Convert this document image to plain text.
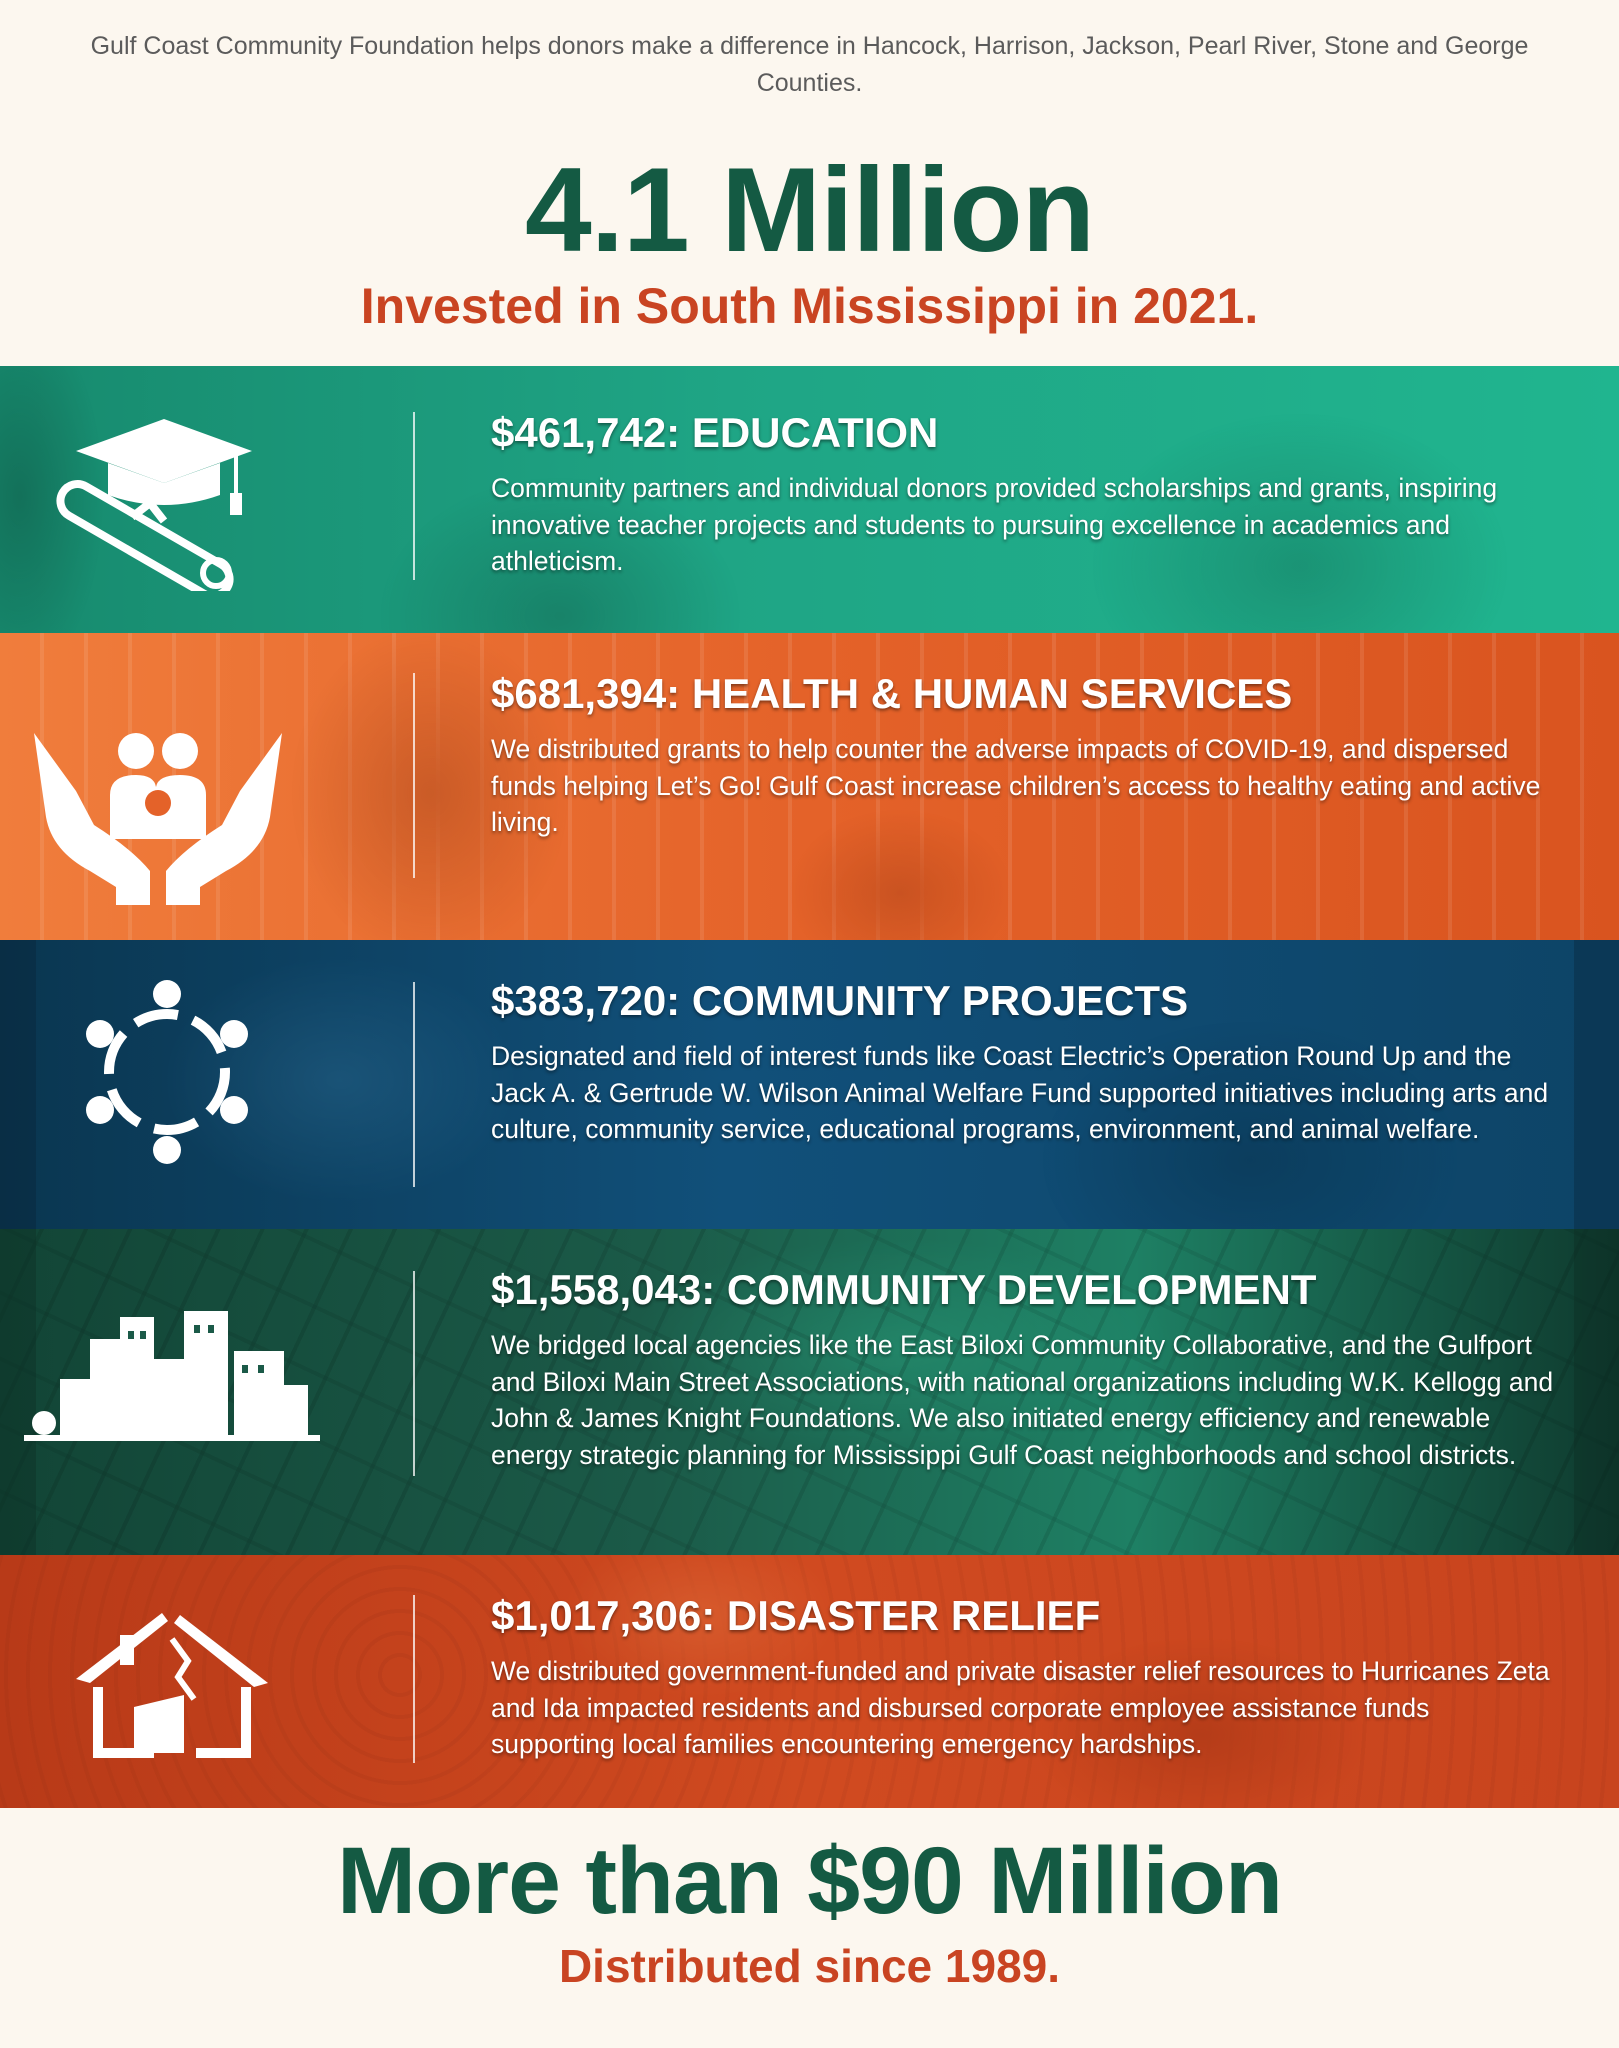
Gulf Coast Community Foundation helps donors make a difference in Hancock, Harrison, Jackson, Pearl River, Stone and George Counties.
4.1 Million
Invested in South Mississippi in 2021.
$461,742: EDUCATION
Community partners and individual donors provided scholarships and grants, inspiring innovative teacher projects and students to pursuing excellence in academics and athleticism.
$681,394: HEALTH & HUMAN SERVICES
We distributed grants to help counter the adverse impacts of COVID-19, and dispersed funds helping Let’s Go! Gulf Coast increase children’s access to healthy eating and active living.
$383,720: COMMUNITY PROJECTS
Designated and field of interest funds like Coast Electric’s Operation Round Up and the Jack A. & Gertrude W. Wilson Animal Welfare Fund supported initiatives including arts and culture, community service, educational programs, environment, and animal welfare.
$1,558,043: COMMUNITY DEVELOPMENT
We bridged local agencies like the East Biloxi Community Collaborative, and the Gulfport and Biloxi Main Street Associations, with national organizations including W.K. Kellogg and John & James Knight Foundations. We also initiated energy efficiency and renewable energy strategic planning for Mississippi Gulf Coast neighborhoods and school districts.
$1,017,306: DISASTER RELIEF
We distributed government-funded and private disaster relief resources to Hurricanes Zeta and Ida impacted residents and disbursed corporate employee assistance funds supporting local families encountering emergency hardships.
More than $90 Million
Distributed since 1989.
